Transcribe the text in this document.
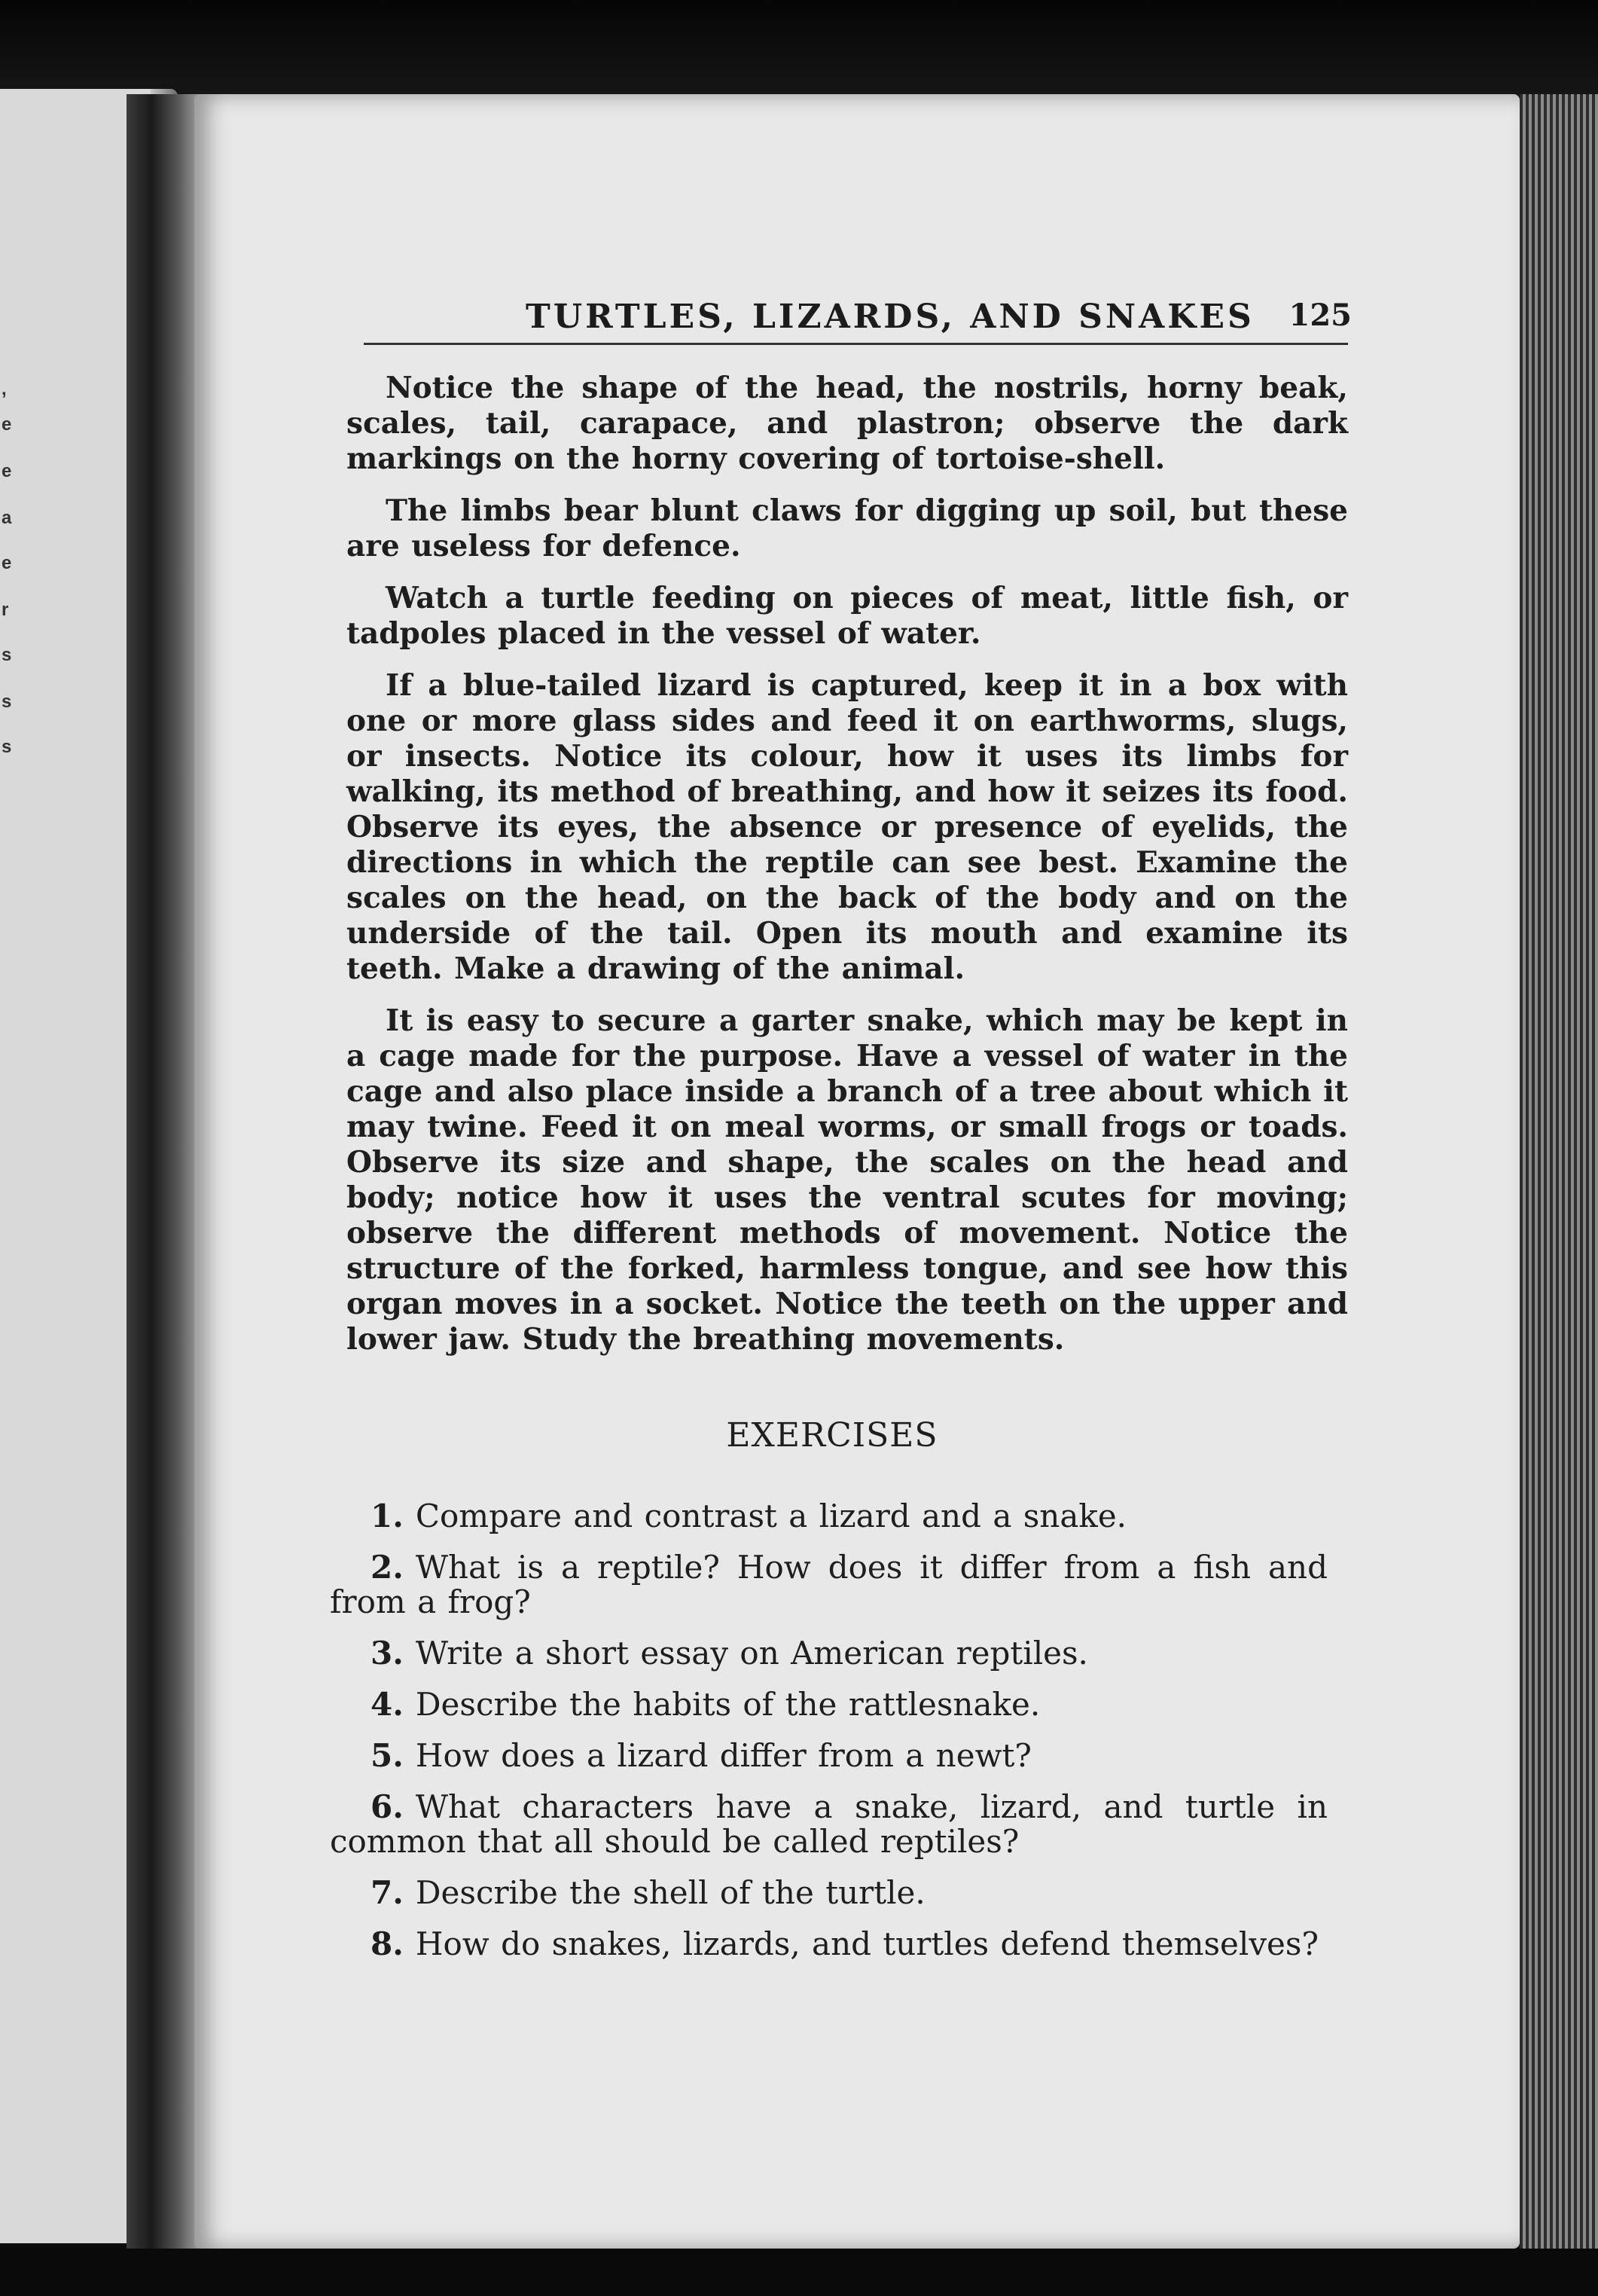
,
e
e
a
e
r
s
s
s
TURTLES, LIZARDS, AND SNAKES 125

Notice the shape of the head, the nostrils, horny beak, scales, tail, carapace, and plastron; observe the dark markings on the horny covering of tortoise-shell.

The limbs bear blunt claws for digging up soil, but these are useless for defence.

Watch a turtle feeding on pieces of meat, little fish, or tadpoles placed in the vessel of water.

If a blue-tailed lizard is captured, keep it in a box with one or more glass sides and feed it on earthworms, slugs, or insects. Notice its colour, how it uses its limbs for walking, its method of breathing, and how it seizes its food. Observe its eyes, the absence or presence of eyelids, the directions in which the reptile can see best. Examine the scales on the head, on the back of the body and on the underside of the tail. Open its mouth and examine its teeth. Make a drawing of the animal.

It is easy to secure a garter snake, which may be kept in a cage made for the purpose. Have a vessel of water in the cage and also place inside a branch of a tree about which it may twine. Feed it on meal worms, or small frogs or toads. Observe its size and shape, the scales on the head and body; notice how it uses the ventral scutes for moving; observe the different methods of movement. Notice the structure of the forked, harmless tongue, and see how this organ moves in a socket. Notice the teeth on the upper and lower jaw. Study the breathing movements.

EXERCISES

1. Compare and contrast a lizard and a snake.

2. What is a reptile? How does it differ from a fish and from a frog?

3. Write a short essay on American reptiles.

4. Describe the habits of the rattlesnake.

5. How does a lizard differ from a newt?

6. What characters have a snake, lizard, and turtle in common that all should be called reptiles?

7. Describe the shell of the turtle.

8. How do snakes, lizards, and turtles defend themselves?
